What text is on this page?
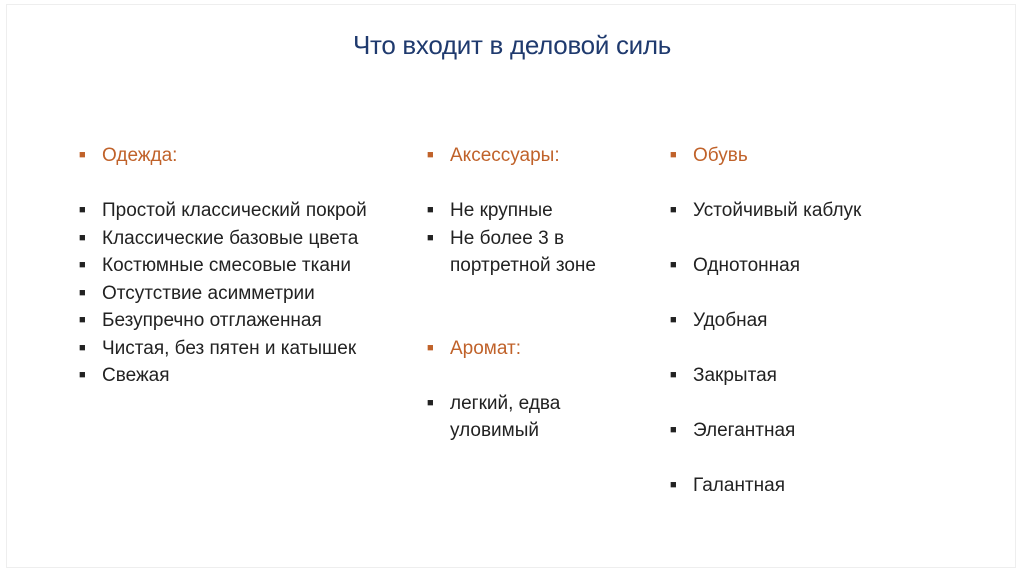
Что входит в деловой силь
■ Одежда:
■ Простой классический покрой
■ Классические базовые цвета
■ Костюмные смесовые ткани
■ Отсутствие асимметрии
■ Безупречно отглаженная
■ Чистая, без пятен и катышек
■ Свежая
■ Аксессуары:
■ Не крупные
■ Не более 3 в портретной зоне
■ Аромат:
■ легкий, едва уловимый
■ Обувь
■ Устойчивый каблук
■ Однотонная
■ Удобная
■ Закрытая
■ Элегантная
■ Галантная
